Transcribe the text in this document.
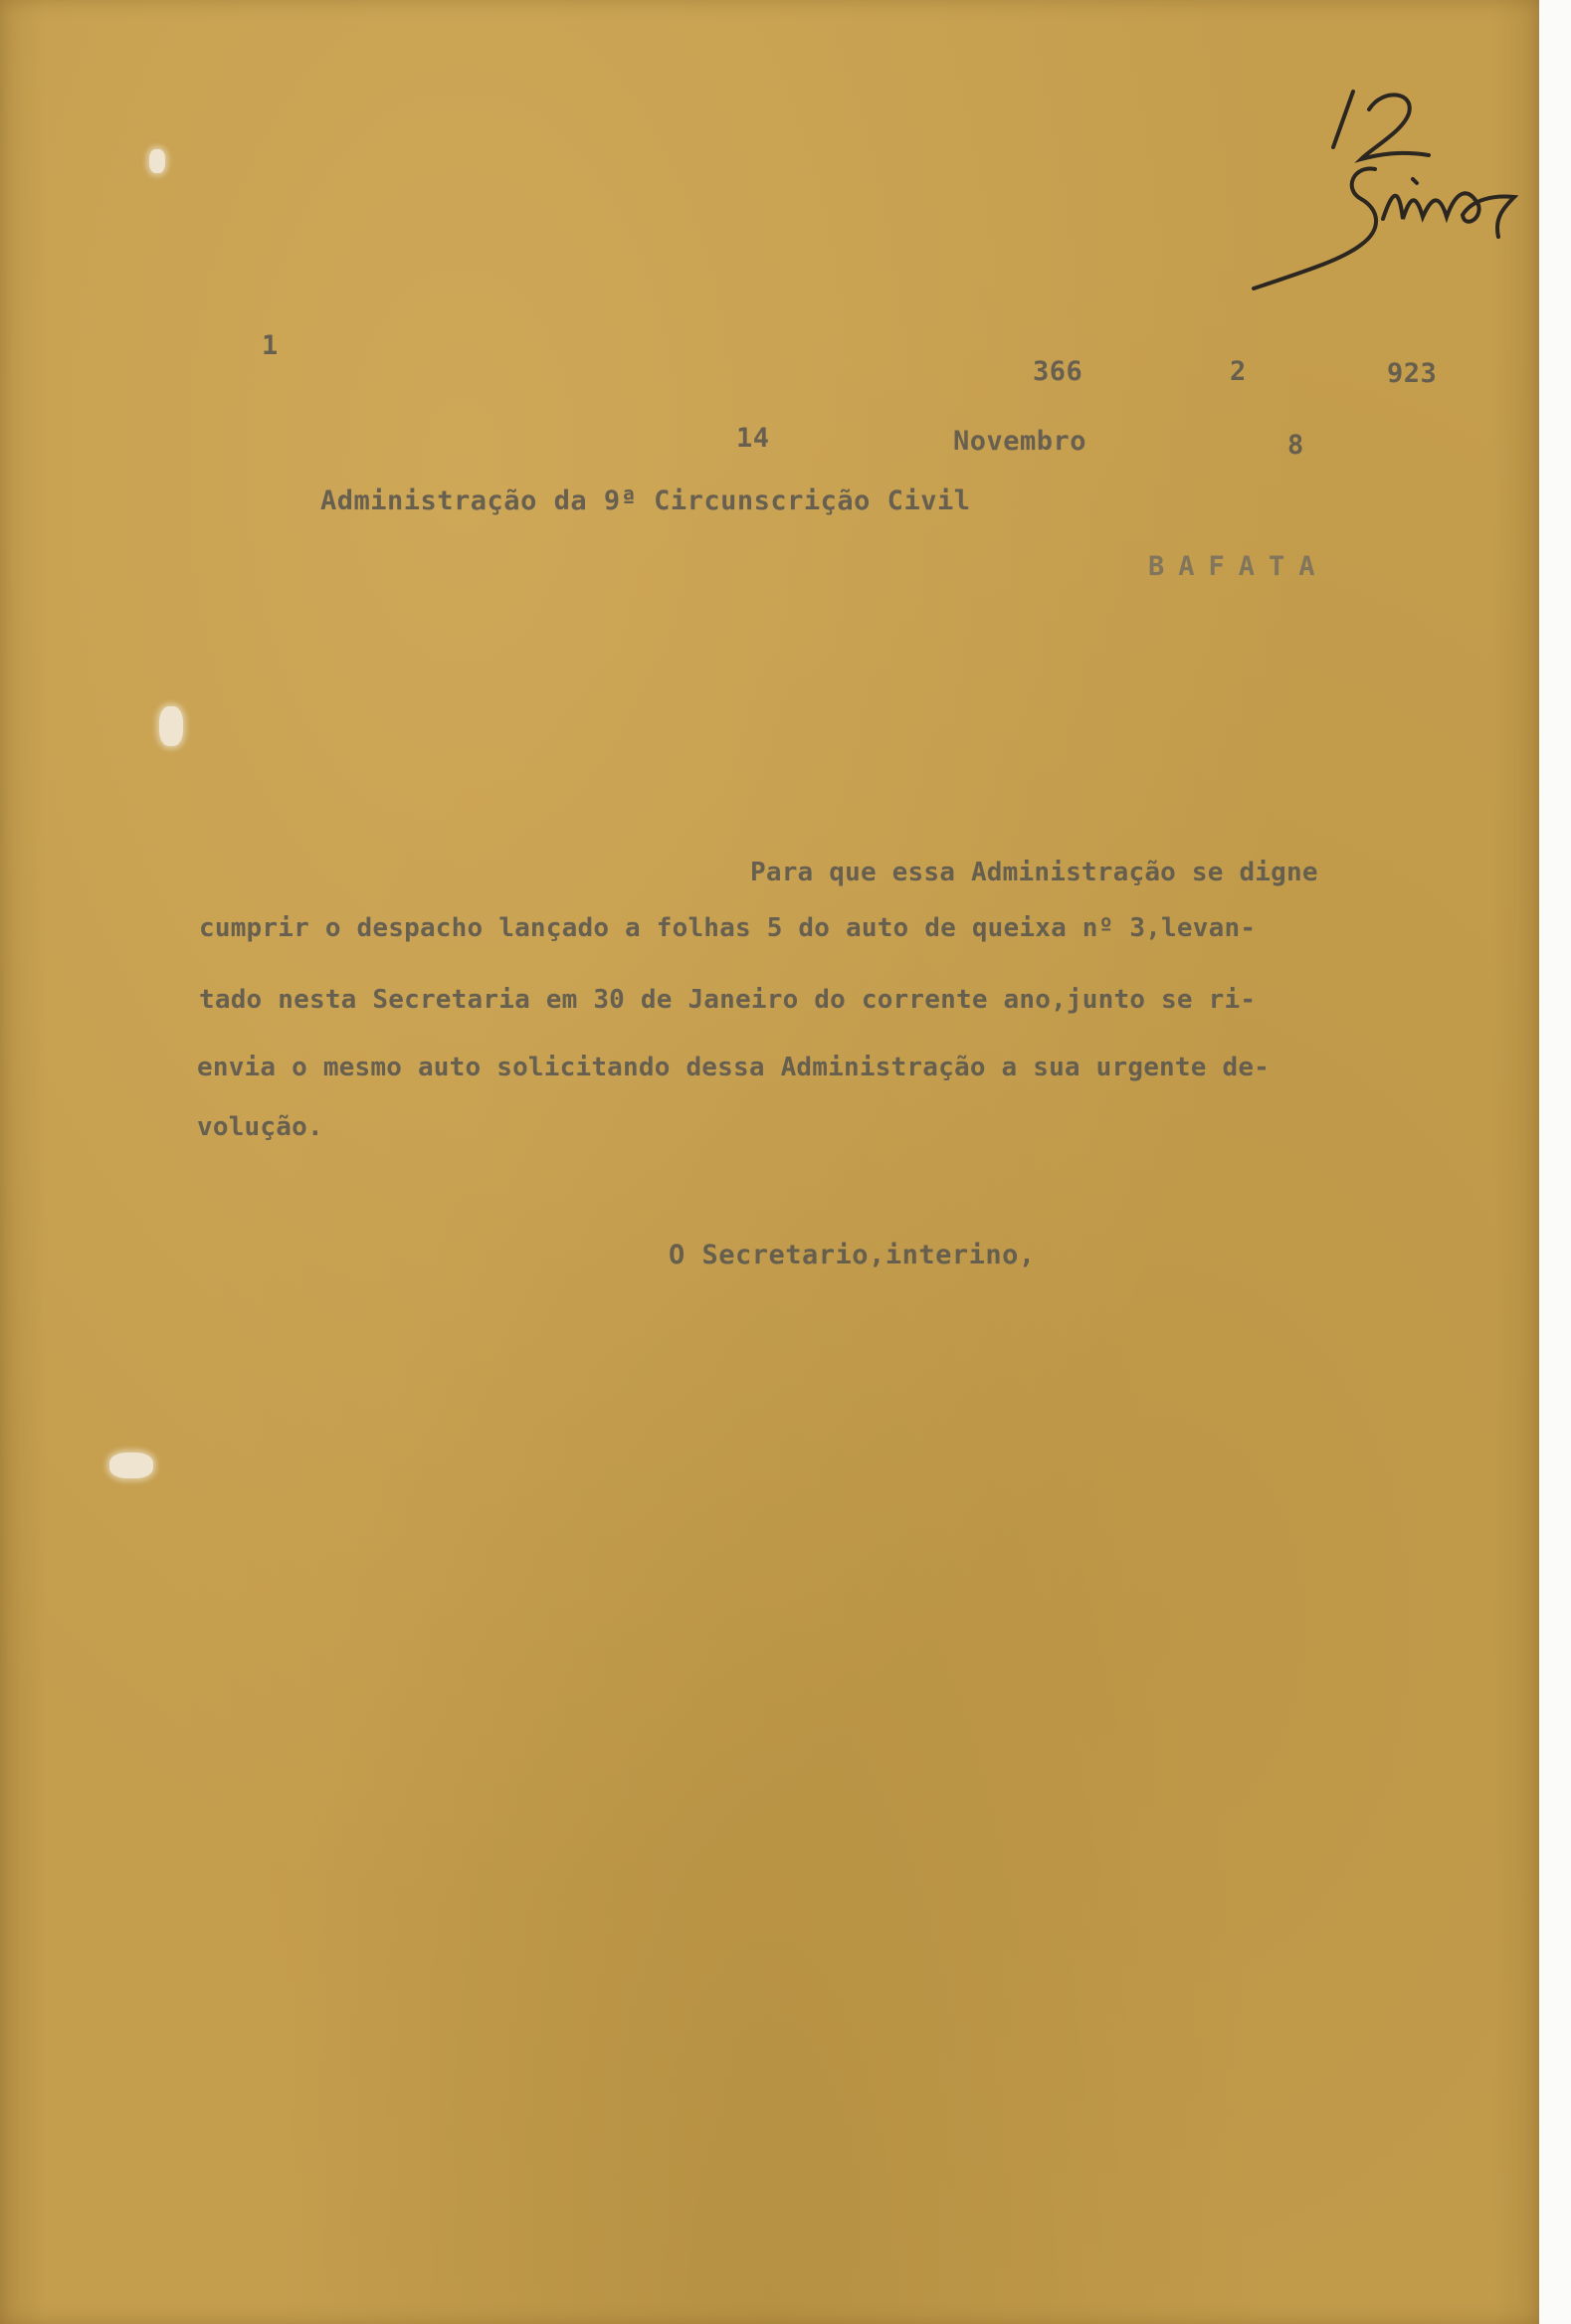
1
366	2	923
14	Novembro	8
Administração da 9ª Circunscrição Civil
BAFATA
Para que essa Administração se digne
cumprir o despacho lançado a folhas 5 do auto de queixa nº 3,levan-
tado nesta Secretaria em 30 de Janeiro do corrente ano,junto se ri-
envia o mesmo auto solicitando dessa Administração a sua urgente de-
volução.
O Secretario,interino,
